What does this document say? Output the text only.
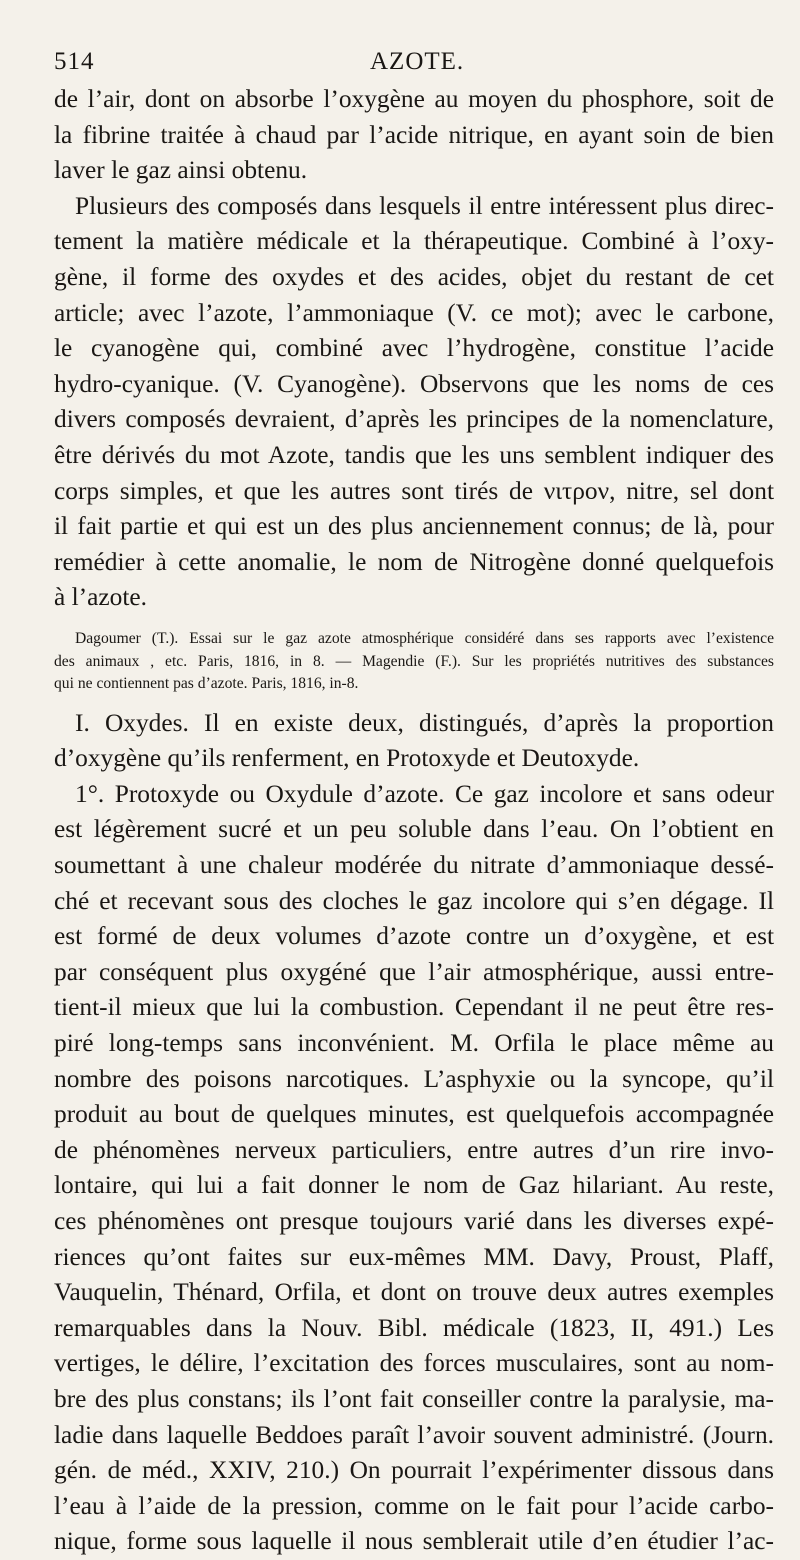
514	AZOTE.
de l’air, dont on absorbe l’oxygène au moyen du phosphore, soit de
la fibrine traitée à chaud par l’acide nitrique, en ayant soin de bien
laver le gaz ainsi obtenu.
Plusieurs des composés dans lesquels il entre intéressent plus direc-
tement la matière médicale et la thérapeutique. Combiné à l’oxy-
gène, il forme des oxydes et des acides, objet du restant de cet
article; avec l’azote, l’ammoniaque (V. ce mot); avec le carbone,
le cyanogène qui, combiné avec l’hydrogène, constitue l’acide
hydro-cyanique. (V. Cyanogène). Observons que les noms de ces
divers composés devraient, d’après les principes de la nomenclature,
être dérivés du mot Azote, tandis que les uns semblent indiquer des
corps simples, et que les autres sont tirés de νιτρον, nitre, sel dont
il fait partie et qui est un des plus anciennement connus; de là, pour
remédier à cette anomalie, le nom de Nitrogène donné quelquefois
à l’azote.
Dagoumer (T.). Essai sur le gaz azote atmosphérique considéré dans ses rapports avec l’existence
des animaux , etc. Paris, 1816, in 8. — Magendie (F.). Sur les propriétés nutritives des substances
qui ne contiennent pas d’azote. Paris, 1816, in-8.
I. Oxydes. Il en existe deux, distingués, d’après la proportion
d’oxygène qu’ils renferment, en Protoxyde et Deutoxyde.
1°. Protoxyde ou Oxydule d’azote. Ce gaz incolore et sans odeur
est légèrement sucré et un peu soluble dans l’eau. On l’obtient en
soumettant à une chaleur modérée du nitrate d’ammoniaque dessé-
ché et recevant sous des cloches le gaz incolore qui s’en dégage. Il
est formé de deux volumes d’azote contre un d’oxygène, et est
par conséquent plus oxygéné que l’air atmosphérique, aussi entre-
tient-il mieux que lui la combustion. Cependant il ne peut être res-
piré long-temps sans inconvénient. M. Orfila le place même au
nombre des poisons narcotiques. L’asphyxie ou la syncope, qu’il
produit au bout de quelques minutes, est quelquefois accompagnée
de phénomènes nerveux particuliers, entre autres d’un rire invo-
lontaire, qui lui a fait donner le nom de Gaz hilariant. Au reste,
ces phénomènes ont presque toujours varié dans les diverses expé-
riences qu’ont faites sur eux-mêmes MM. Davy, Proust, Plaff,
Vauquelin, Thénard, Orfila, et dont on trouve deux autres exemples
remarquables dans la Nouv. Bibl. médicale (1823, II, 491.) Les
vertiges, le délire, l’excitation des forces musculaires, sont au nom-
bre des plus constans; ils l’ont fait conseiller contre la paralysie, ma-
ladie dans laquelle Beddoes paraît l’avoir souvent administré. (Journ.
gén. de méd., XXIV, 210.) On pourrait l’expérimenter dissous dans
l’eau à l’aide de la pression, comme on le fait pour l’acide carbo-
nique, forme sous laquelle il nous semblerait utile d’en étudier l’ac-
